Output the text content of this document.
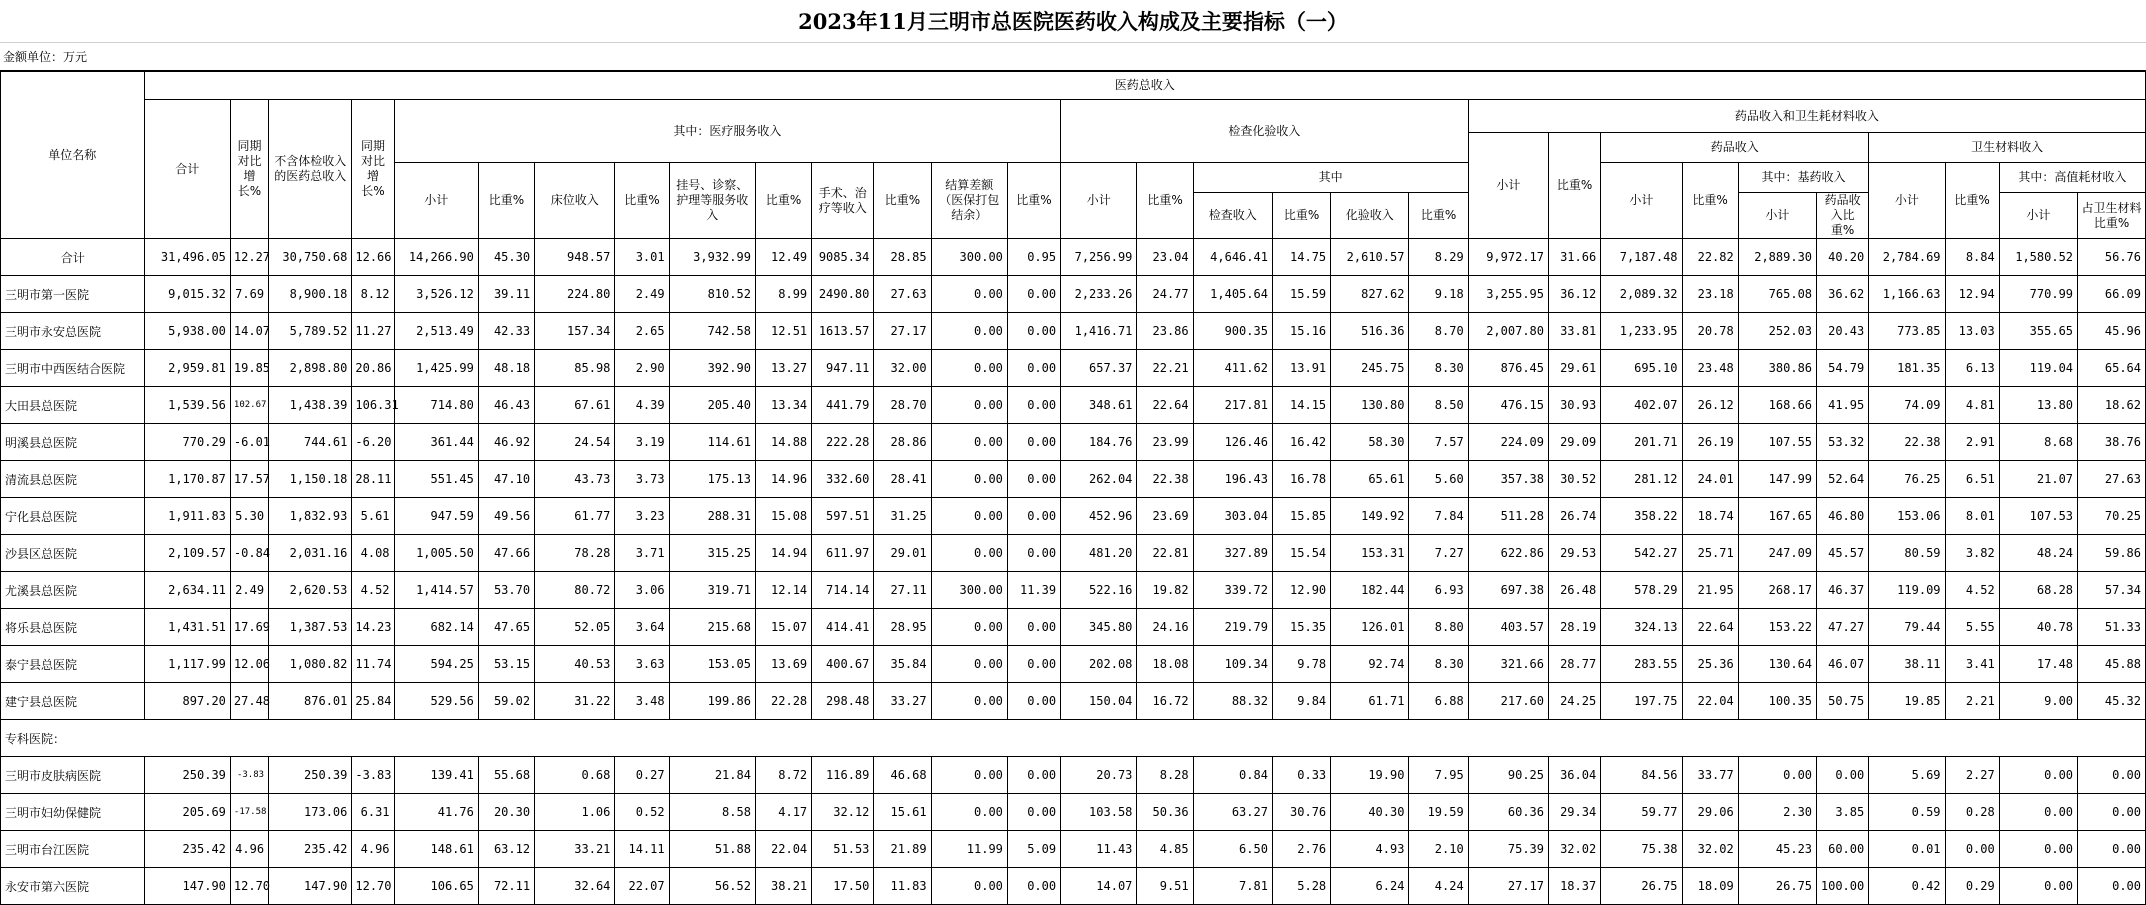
2023年11月三明市总医院医药收入构成及主要指标（一）
金额单位：万元
单位名称	医药总收入																													
	合计	同期对比增长%	不含体检收入的医药总收入	同期对比增长%	其中：医疗服务收入										检查化验收入						药品收入和卫生耗材料收入									
																					小计	比重%	药品收入				卫生材料收入			
					小计	比重%	床位收入	比重%	挂号、诊察、护理等服务收入	比重%	手术、治疗等收入	比重%	结算差额（医保打包结余）	比重%	小计	比重%	其中						小计	比重%	其中：基药收入		小计	比重%	其中：高值耗材收入	
																	检查收入	比重%	化验收入	比重%					小计	药品收入比重%			小计	占卫生材料比重%
合计	31,496.05	12.27	30,750.68	12.66	14,266.90	45.30	948.57	3.01	3,932.99	12.49	9085.34	28.85	300.00	0.95	7,256.99	23.04	4,646.41	14.75	2,610.57	8.29	9,972.17	31.66	7,187.48	22.82	2,889.30	40.20	2,784.69	8.84	1,580.52	56.76
三明市第一医院	9,015.32	7.69	8,900.18	8.12	3,526.12	39.11	224.80	2.49	810.52	8.99	2490.80	27.63	0.00	0.00	2,233.26	24.77	1,405.64	15.59	827.62	9.18	3,255.95	36.12	2,089.32	23.18	765.08	36.62	1,166.63	12.94	770.99	66.09
三明市永安总医院	5,938.00	14.07	5,789.52	11.27	2,513.49	42.33	157.34	2.65	742.58	12.51	1613.57	27.17	0.00	0.00	1,416.71	23.86	900.35	15.16	516.36	8.70	2,007.80	33.81	1,233.95	20.78	252.03	20.43	773.85	13.03	355.65	45.96
三明市中西医结合医院	2,959.81	19.85	2,898.80	20.86	1,425.99	48.18	85.98	2.90	392.90	13.27	947.11	32.00	0.00	0.00	657.37	22.21	411.62	13.91	245.75	8.30	876.45	29.61	695.10	23.48	380.86	54.79	181.35	6.13	119.04	65.64
大田县总医院	1,539.56	102.67	1,438.39	106.31	714.80	46.43	67.61	4.39	205.40	13.34	441.79	28.70	0.00	0.00	348.61	22.64	217.81	14.15	130.80	8.50	476.15	30.93	402.07	26.12	168.66	41.95	74.09	4.81	13.80	18.62
明溪县总医院	770.29	-6.01	744.61	-6.20	361.44	46.92	24.54	3.19	114.61	14.88	222.28	28.86	0.00	0.00	184.76	23.99	126.46	16.42	58.30	7.57	224.09	29.09	201.71	26.19	107.55	53.32	22.38	2.91	8.68	38.76
清流县总医院	1,170.87	17.57	1,150.18	28.11	551.45	47.10	43.73	3.73	175.13	14.96	332.60	28.41	0.00	0.00	262.04	22.38	196.43	16.78	65.61	5.60	357.38	30.52	281.12	24.01	147.99	52.64	76.25	6.51	21.07	27.63
宁化县总医院	1,911.83	5.30	1,832.93	5.61	947.59	49.56	61.77	3.23	288.31	15.08	597.51	31.25	0.00	0.00	452.96	23.69	303.04	15.85	149.92	7.84	511.28	26.74	358.22	18.74	167.65	46.80	153.06	8.01	107.53	70.25
沙县区总医院	2,109.57	-0.84	2,031.16	4.08	1,005.50	47.66	78.28	3.71	315.25	14.94	611.97	29.01	0.00	0.00	481.20	22.81	327.89	15.54	153.31	7.27	622.86	29.53	542.27	25.71	247.09	45.57	80.59	3.82	48.24	59.86
尤溪县总医院	2,634.11	2.49	2,620.53	4.52	1,414.57	53.70	80.72	3.06	319.71	12.14	714.14	27.11	300.00	11.39	522.16	19.82	339.72	12.90	182.44	6.93	697.38	26.48	578.29	21.95	268.17	46.37	119.09	4.52	68.28	57.34
将乐县总医院	1,431.51	17.69	1,387.53	14.23	682.14	47.65	52.05	3.64	215.68	15.07	414.41	28.95	0.00	0.00	345.80	24.16	219.79	15.35	126.01	8.80	403.57	28.19	324.13	22.64	153.22	47.27	79.44	5.55	40.78	51.33
泰宁县总医院	1,117.99	12.06	1,080.82	11.74	594.25	53.15	40.53	3.63	153.05	13.69	400.67	35.84	0.00	0.00	202.08	18.08	109.34	9.78	92.74	8.30	321.66	28.77	283.55	25.36	130.64	46.07	38.11	3.41	17.48	45.88
建宁县总医院	897.20	27.48	876.01	25.84	529.56	59.02	31.22	3.48	199.86	22.28	298.48	33.27	0.00	0.00	150.04	16.72	88.32	9.84	61.71	6.88	217.60	24.25	197.75	22.04	100.35	50.75	19.85	2.21	9.00	45.32
专科医院：																														
三明市皮肤病医院	250.39	-3.83	250.39	-3.83	139.41	55.68	0.68	0.27	21.84	8.72	116.89	46.68	0.00	0.00	20.73	8.28	0.84	0.33	19.90	7.95	90.25	36.04	84.56	33.77	0.00	0.00	5.69	2.27	0.00	0.00
三明市妇幼保健院	205.69	-17.58	173.06	6.31	41.76	20.30	1.06	0.52	8.58	4.17	32.12	15.61	0.00	0.00	103.58	50.36	63.27	30.76	40.30	19.59	60.36	29.34	59.77	29.06	2.30	3.85	0.59	0.28	0.00	0.00
三明市台江医院	235.42	4.96	235.42	4.96	148.61	63.12	33.21	14.11	51.88	22.04	51.53	21.89	11.99	5.09	11.43	4.85	6.50	2.76	4.93	2.10	75.39	32.02	75.38	32.02	45.23	60.00	0.01	0.00	0.00	0.00
永安市第六医院	147.90	12.70	147.90	12.70	106.65	72.11	32.64	22.07	56.52	38.21	17.50	11.83	0.00	0.00	14.07	9.51	7.81	5.28	6.24	4.24	27.17	18.37	26.75	18.09	26.75	100.00	0.42	0.29	0.00	0.00
